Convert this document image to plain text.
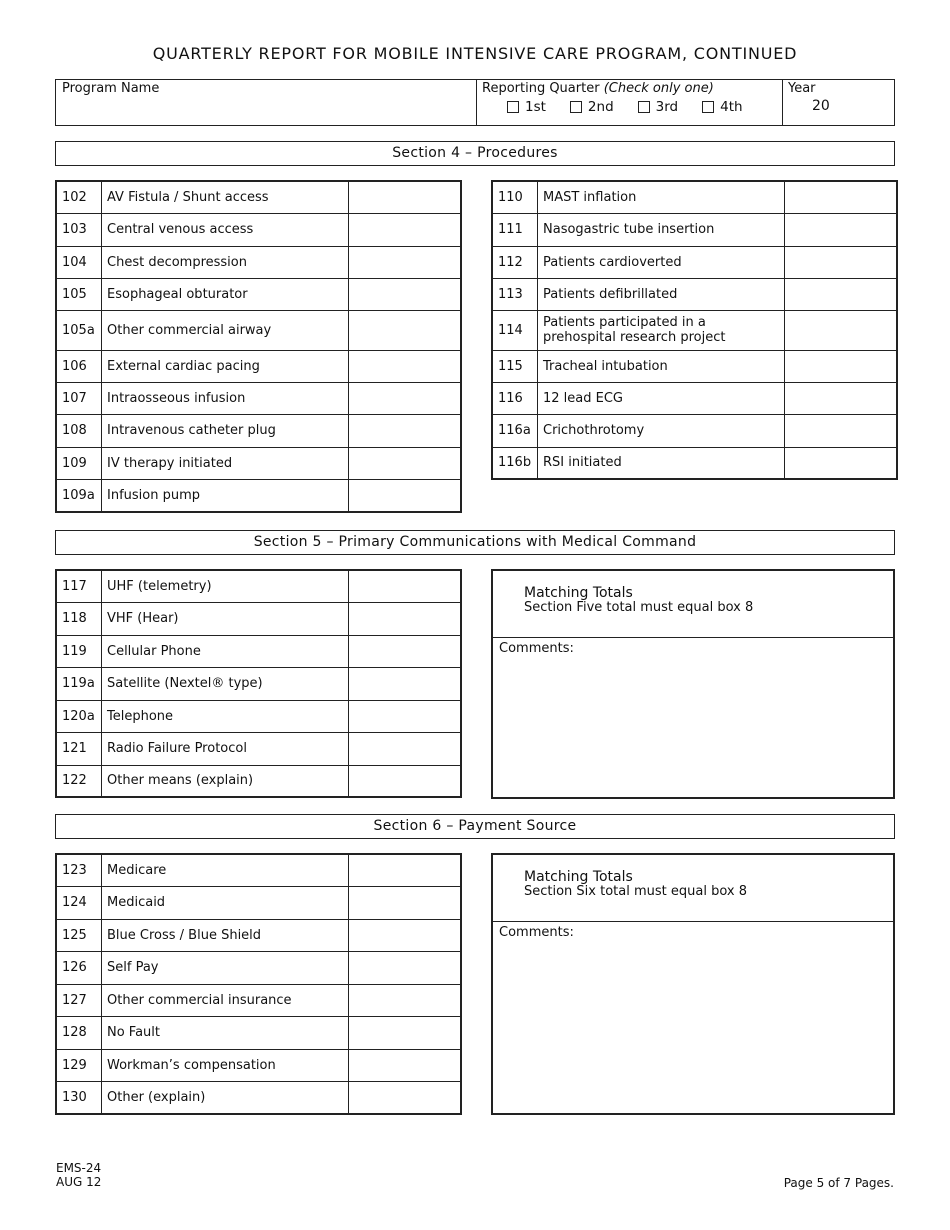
QUARTERLY REPORT FOR MOBILE INTENSIVE CARE PROGRAM, CONTINUED
Program Name	Reporting Quarter (Check only one)
1st	2nd	3rd	4th
Year
20
Section 4 – Procedures
102	AV Fistula / Shunt access	
103	Central venous access	
104	Chest decompression	
105	Esophageal obturator	
105a	Other commercial airway	
106	External cardiac pacing	
107	Intraosseous infusion	
108	Intravenous catheter plug	
109	IV therapy initiated	
109a	Infusion pump	
110	MAST inflation	
111	Nasogastric tube insertion	
112	Patients cardioverted	
113	Patients defibrillated	
114	Patients participated in a prehospital research project	
115	Tracheal intubation	
116	12 lead ECG	
116a	Crichothrotomy	
116b	RSI initiated	
Section 5 – Primary Communications with Medical Command
117	UHF (telemetry)	
118	VHF (Hear)	
119	Cellular Phone	
119a	Satellite (Nextel® type)	
120a	Telephone	
121	Radio Failure Protocol	
122	Other means (explain)	
Matching Totals
Section Five total must equal box 8
Comments:
Section 6 – Payment Source
123	Medicare	
124	Medicaid	
125	Blue Cross / Blue Shield	
126	Self Pay	
127	Other commercial insurance	
128	No Fault	
129	Workman’s compensation	
130	Other (explain)	
Matching Totals
Section Six total must equal box 8
Comments:
EMS-24
AUG 12	Page 5 of 7 Pages.
